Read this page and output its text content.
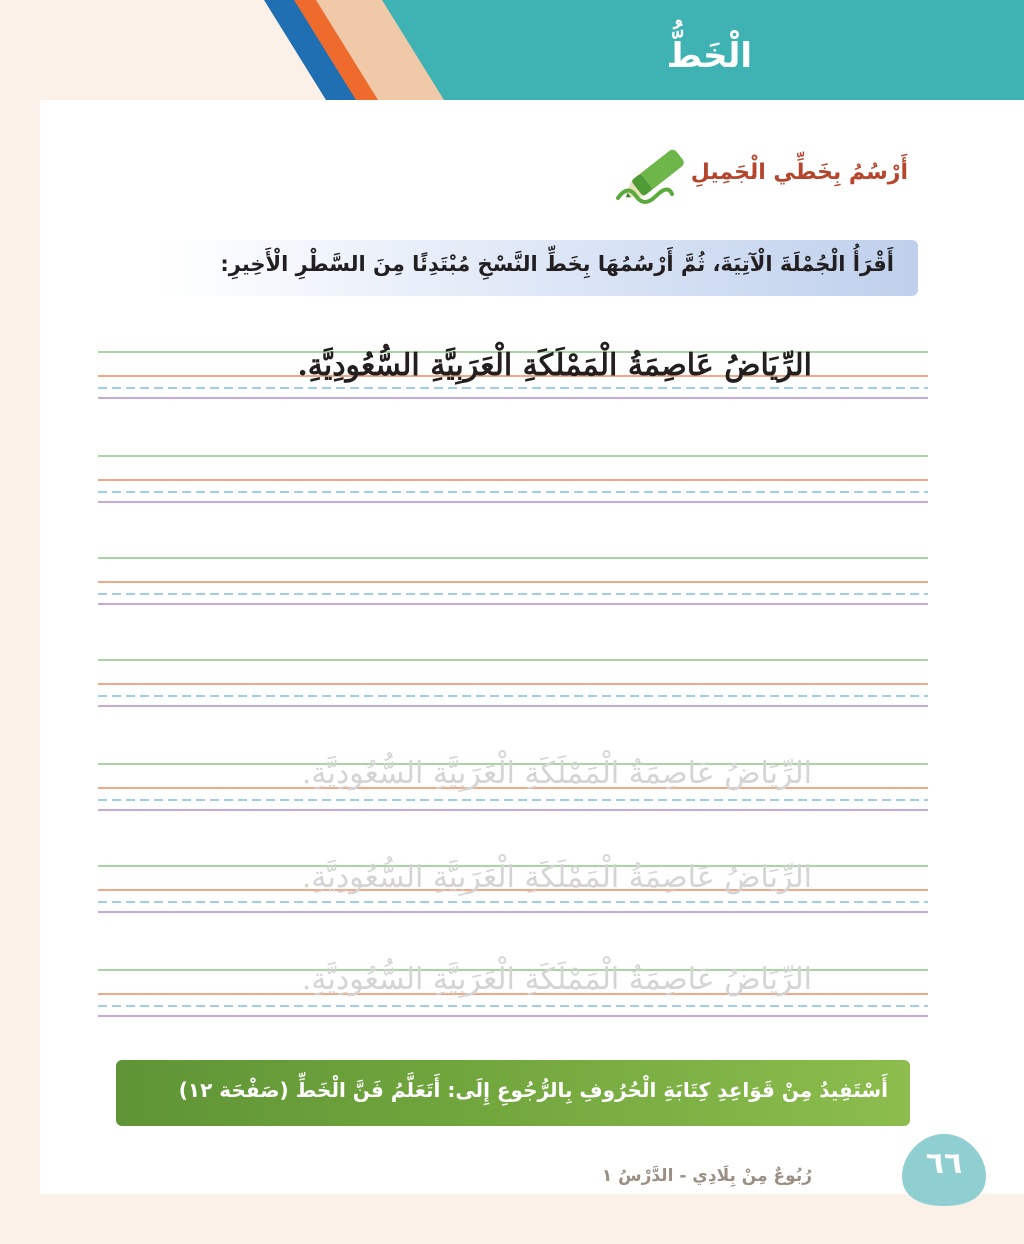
الْخَطُّ
أَرْسُمُ بِخَطِّي الْجَمِيلِ
أَقْرَأُ الْجُمْلَةَ الْآتِيَةَ، ثُمَّ أَرْسُمُهَا بِخَطِّ النَّسْخِ مُبْتَدِئًا مِنَ السَّطْرِ الْأَخِيرِ:
الرِّيَاضُ عَاصِمَةُ الْمَمْلَكَةِ الْعَرَبِيَّةِ السُّعُودِيَّةِ.
الرِّيَاضُ عَاصِمَةُ الْمَمْلَكَةِ الْعَرَبِيَّةِ السُّعُودِيَّةِ.
الرِّيَاضُ عَاصِمَةُ الْمَمْلَكَةِ الْعَرَبِيَّةِ السُّعُودِيَّةِ.
الرِّيَاضُ عَاصِمَةُ الْمَمْلَكَةِ الْعَرَبِيَّةِ السُّعُودِيَّةِ.
أَسْتَفِيدُ مِنْ قَوَاعِدِ كِتَابَةِ الْحُرُوفِ بِالرُّجُوعِ إِلَى: أَتَعَلَّمُ فَنَّ الْخَطِّ (صَفْحَة ١٢)
٦٦
رُبُوعٌ مِنْ بِلَادِي - الدَّرْسُ ١
